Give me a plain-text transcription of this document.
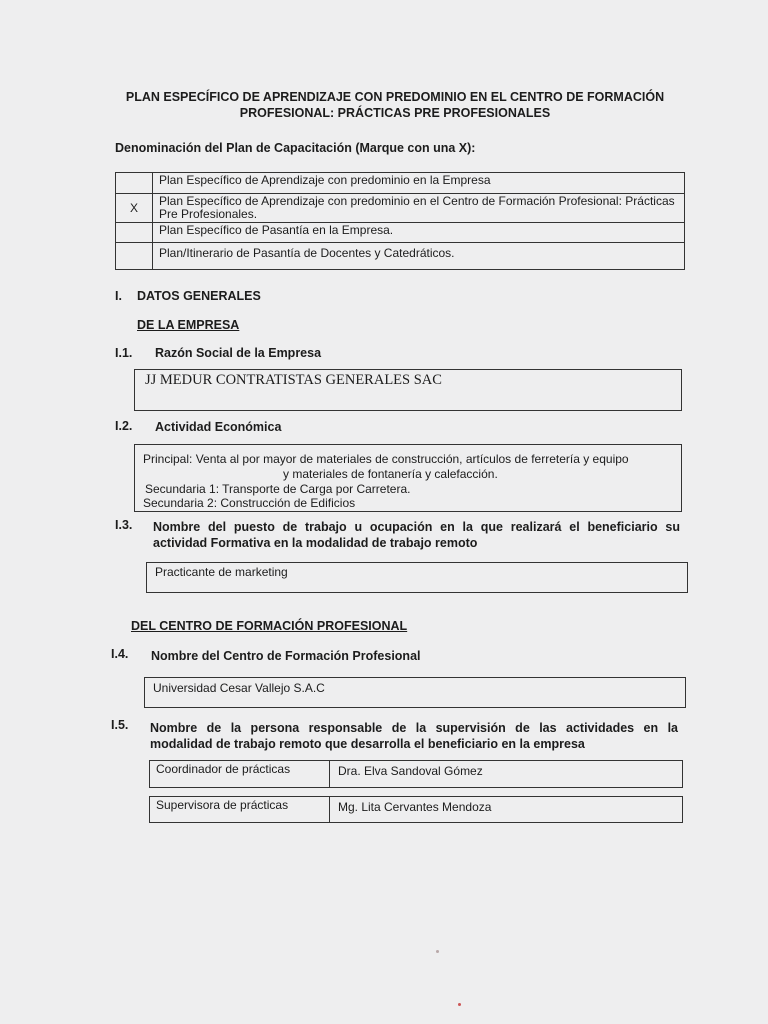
PLAN ESPECÍFICO DE APRENDIZAJE CON PREDOMINIO EN EL CENTRO DE FORMACIÓN
PROFESIONAL: PRÁCTICAS PRE PROFESIONALES
Denominación del Plan de Capacitación (Marque con una X):
	Plan Específico de Aprendizaje con predominio en la Empresa
X	Plan Específico de Aprendizaje con predominio en el Centro de Formación Profesional: Prácticas Pre Profesionales.
	Plan Específico de Pasantía en la Empresa.
	Plan/Itinerario de Pasantía de Docentes y Catedráticos.
I. DATOS GENERALES
DE LA EMPRESA
I.1. Razón Social de la Empresa
JJ MEDUR CONTRATISTAS GENERALES SAC
I.2. Actividad Económica
Principal: Venta al por mayor de materiales de construcción, artículos de ferretería y equipo
y materiales de fontanería y calefacción.
Secundaria 1: Transporte de Carga por Carretera.
Secundaria 2: Construcción de Edificios
I.3. Nombre del puesto de trabajo u ocupación en la que realizará el beneficiario su
actividad Formativa en la modalidad de trabajo remoto
Practicante de marketing
DEL CENTRO DE FORMACIÓN PROFESIONAL
I.4. Nombre del Centro de Formación Profesional
Universidad Cesar Vallejo S.A.C
I.5. Nombre de la persona responsable de la supervisión de las actividades en la
modalidad de trabajo remoto que desarrolla el beneficiario en la empresa
Coordinador de prácticas	Dra. Elva Sandoval Gómez
Supervisora de prácticas	Mg. Lita Cervantes Mendoza
